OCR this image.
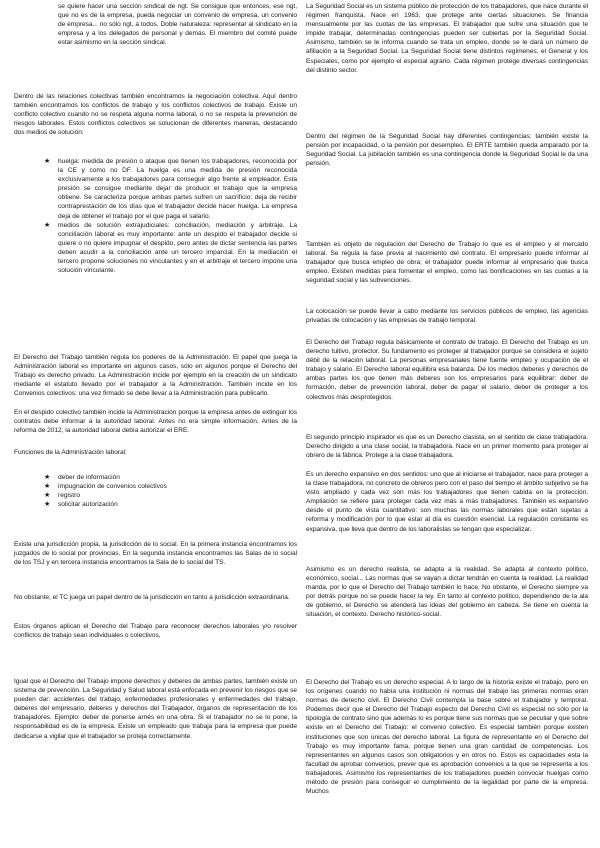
se quiere hacer una sección sindical de ngt. Se consigue que entonces, ese ngt, que no es de la empresa, pueda negociar un convenio de empresa, un convenio de empresa... no sólo ngt, a todos. Doble naturaleza: representar al sindicato en la empresa y a los delegados de personal y demás. El miembro del comité puede estar asimismo en la sección sindical.

Dentro de las relaciones colectivas también encontramos la negociación colectiva. Aquí dentro también encontramos los conflictos de trabajo y los conflictos colectivos de trabajo. Existe un conflicto colectivo cuando no se respeta alguna norma laboral, o no se respeta la prevención de riesgos laborales. Estos conflictos colectivos se solucionan de diferentes maneras, destacando dos medios de solución:

★ huelga: medida de presión o ataque que tienen los trabajadores, reconocida por la CE y como no DF. La huelga es una medida de presión reconocida exclusivamente a los trabajadores para conseguir algo frente al empleador. Esta presión se consigue mediante dejar de producir el trabajo que la empresa obtiene. Se caracteriza porque ambas partes sufren un sacrificio: deja de recibir contraprestación de los días que el trabajador decide hacer huelga. La empresa deja de obtener el trabajo por el que paga el salario.
★ medios de solución extrajudiciales: conciliación, mediación y arbitraje. La conciliación laboral es muy importante: ante un despido el trabajador decide si quiere o no quiere impugnar el despido, pero antes de dictar sentencia las partes deben acudir a la conciliación ante un tercero imparcial. En la mediación el tercero propone soluciones no vinculantes y en el arbitraje el tercero impone una solución vinculante.

El Derecho del Trabajo también regula los poderes de la Administración. El papel que juega la Administración laboral es importante en algunos casos, sólo en algunos porque el Derecho del Trabajo es derecho privado. La Administración incide por ejemplo en la creación de un sindicato mediante el estatuto llevado por el trabajador a la Administración. También incide en los Convenios colectivos: una vez firmado se debe llevar a la Administración para publicarlo.

En el despido colectivo también incide la Administración porque la empresa antes de extinguir los contratos debe informar a la autoridad laboral. Antes no era simple información. Antes de la reforma de 2012, la autoridad laboral debía autorizar el ERE.

Funciones de la Administración laboral:

★ deber de información
★ impugnación de convenios colectivos
★ registro
★ solicitar autorización

Existe una jurisdicción propia, la jurisdicción de lo social. En la primera instancia encontramos los juzgados de lo social por provincias. En la segunda instancia encontramos las Salas de lo social de los TSJ y en tercera instancia encontramos la Sala de lo social del TS.

No obstante, el TC juega un papel dentro de la jurisdicción en tanto a jurisdicción extraordinaria.

Estos órganos aplican el Derecho del Trabajo para reconocer derechos laborales y/o resolver conflictos de trabajo sean individuales o colectivos.

Igual que el Derecho del Trabajo impone derechos y deberes de ambas partes, también existe un sistema de prevención. La Seguridad y Salud laboral está enfocada en prevenir los riesgos que se pueden dar: accidentes del trabajo, enfermedades profesionales y enfermedades del trabajo, deberes del empresario, deberes y derechos del Trabajador, órganos de representación de los trabajadores. Ejemplo: deber de ponerse arnés en una obra. Si el trabajador no se lo pone, la responsabilidad es de la empresa. Existe un empleado que trabaja para la empresa que puede dedicarse a vigilar que el trabajador se proteja correctamente.

La Seguridad Social es un sistema público de protección de los trabajadores, que nace durante el régimen franquista. Nace en 1963, que protege ante ciertas situaciones. Se financia mensualmente por las cuotas de las empresas. El trabajador que sufre una situación que le impide trabajar, determinadas contingencias pueden ser cubiertas por la Seguridad Social. Asimismo, también se le informa cuando se trata un empleo, donde se le dará un número de afiliación a la Seguridad Social. La Seguridad Social tiene distintos regímenes, el General y los Especiales, como por ejemplo el especial agrario. Cada régimen protege diversas contingencias del distinto sector.

Dentro del régimen de la Seguridad Social hay diferentes contingencias: también existe la pensión por incapacidad, o la pensión por desempleo. El ERTE también queda amparado por la Seguridad Social. La jubilación también es una contingencia donde la Seguridad Social le da una pensión.

También es objeto de regulación del Derecho de Trabajo lo que es el empleo y el mercado laboral. Se regula la fase previa al nacimiento del contrato. El empresario puede informar al trabajador que busca empleo de obra; el trabajador puede informar al empresario que busca empleo. Existen medidas para fomentar el empleo, como las bonificaciones en las cuotas a la seguridad social y las subvenciones.

La colocación se puede llevar a cabo mediante los servicios públicos de empleo, las agencias privadas de colocación y las empresas de trabajo temporal.

El Derecho del Trabajo regula básicamente el contrato de trabajo. El Derecho del Trabajo es un derecho tuitivo, protector. Su fundamento es proteger al trabajador porque se considera el sujeto débil de la relación laboral. La personas empresariales tiene fuente empleo y ocupación de el trabajo y salario. El Derecho laboral equilibra esa balanza. De los medios deberes y derechos de ambas partes los que tienen más deberes son los empresarios para equilibrar: deber de formación, deber de prevención laboral, deber de pagar el salario, deber de proteger a los colectivos más desprotegidos.

El segundo principio inspirador es que es un Derecho clasista, en el sentido de clase trabajadora. Derecho dirigido a una clase social, la trabajadora. Nace en un primer momento para proteger al obrero de la fábrica. Protege a la clase trabajadora.

Es un derecho expansivo en dos sentidos: uno que al iniciarse el trabajador, nace para proteger a la clase trabajadora, no concreto de obreros pero con el paso del tiempo el ámbito subjetivo se ha visto ampliado y cada vez son más los trabajadores que tienen cabida en la protección. Ampliación se refiere para proteger cada vez más a más trabajadores. También es expansivo desde el punto de vista cuantitativo: son muchas las normas laborales que están sujetas a reforma y modificación por lo que estar al día es cuestión esencial. La regulación constante es expansiva, que lleva que dentro de los laboralistas se tengan que especializar.

Asimismo es un derecho realista, se adapta a la realidad. Se adapta al contexto político, económico, social... Las normas que se vayan a dictar tendrán en cuenta la realidad. La realidad manda, por lo que el Derecho del Trabajo también lo hace. No obstante, el Derecho siempre va por detrás porque no se puede hacer la ley. En tanto al contexto político, dependiendo de la ala de gobierno, el Derecho se atenderá las ideas del gobierno en cabeza. Se tiene en cuenta la situación, el contexto. Derecho histórico-social.

El Derecho del Trabajo es un derecho especial. A lo largo de la historia existe el trabajo, pero en los orígenes cuando no había una institución ni normas del trabajo las primeras normas eran normas de derecho civil. El Derecho Civil contempla la base sobre el trabajador y temporal. Podemos decir que el Derecho del Trabajo especto del Derecho Civil es especial no sólo por la tipología de contrato sino que además lo es porque tiene sus normas que se peculiar y que sobre existe en el Derecho del Trabajo: el convenio colectivo. Es especial también porque existen instituciones que son únicas del derecho laboral. La figura de representante en el Derecho del Trabajo es muy importante fama, porque tienen una gran cantidad de competencias. Los representantes en algunos casos son obligatorios y en otros no. Estos es capacidades esta la facultad de aprobar convenios, prever que es aprobación convenios a la que se representa a los trabajadores. Asimismo los representantes de los trabajadores pueden convocar huelgas como método de presión para conseguir el cumplimiento de la legalidad por parte de la empresa. Muchos
